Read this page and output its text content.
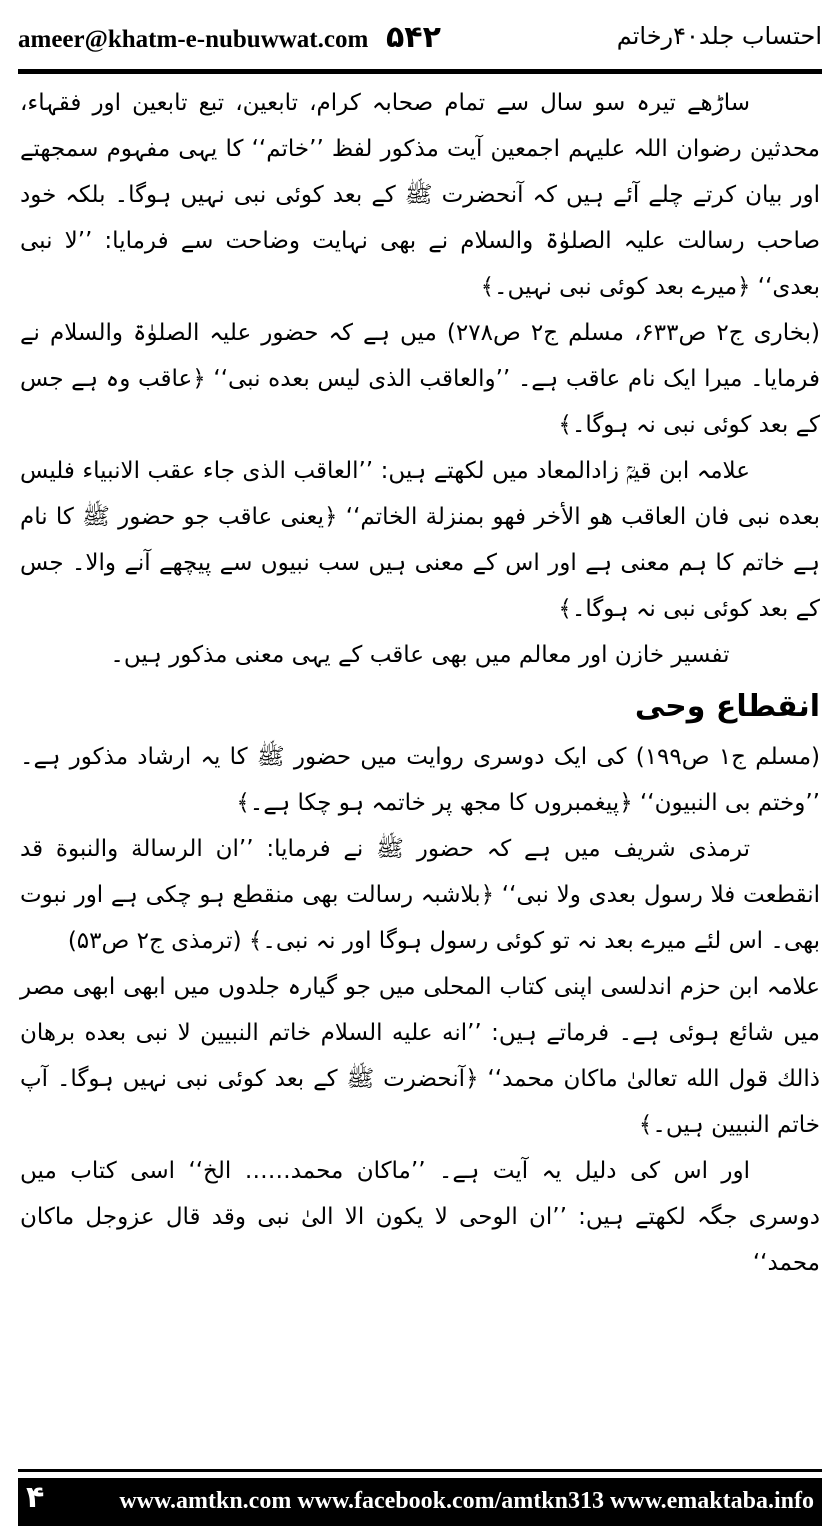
ameer@khatm-e-nubuwwat.com ۵۴۲	احتساب جلد۴۰رخاتم

ساڑھے تیرہ سو سال سے تمام صحابہ کرام، تابعین، تبع تابعین اور فقہاء، محدثین رضوان اللہ علیہم اجمعین آیت مذکور لفظ ’’خاتم‘‘ کا یہی مفہوم سمجھتے اور بیان کرتے چلے آئے ہیں کہ آنحضرت ﷺ کے بعد کوئی نبی نہیں ہوگا۔ بلکہ خود صاحب رسالت علیہ الصلوٰۃ والسلام نے بھی نہایت وضاحت سے فرمایا: ’’لا نبی بعدی‘‘ ﴿میرے بعد کوئی نبی نہیں۔﴾

(بخاری ج۲ ص۶۳۳، مسلم ج۲ ص۲۷۸) میں ہے کہ حضور علیہ الصلوٰۃ والسلام نے فرمایا۔ میرا ایک نام عاقب ہے۔ ’’والعاقب الذی لیس بعده نبی‘‘ ﴿عاقب وہ ہے جس کے بعد کوئی نبی نہ ہوگا۔﴾

علامہ ابن قیمؒ زادالمعاد میں لکھتے ہیں: ’’العاقب الذی جاء عقب الانبیاء فلیس بعده نبی فان العاقب هو الأخر فهو بمنزلة الخاتم‘‘ ﴿یعنی عاقب جو حضور ﷺ کا نام ہے خاتم کا ہم معنی ہے اور اس کے معنی ہیں سب نبیوں سے پیچھے آنے والا۔ جس کے بعد کوئی نبی نہ ہوگا۔﴾

تفسیر خازن اور معالم میں بھی عاقب کے یہی معنی مذکور ہیں۔

انقطاع وحی

(مسلم ج۱ ص۱۹۹) کی ایک دوسری روایت میں حضور ﷺ کا یہ ارشاد مذکور ہے۔ ’’وختم بی النبیون‘‘ ﴿پیغمبروں کا مجھ پر خاتمہ ہو چکا ہے۔﴾

ترمذی شریف میں ہے کہ حضور ﷺ نے فرمایا: ’’ان الرسالة والنبوة قد انقطعت فلا رسول بعدی ولا نبی‘‘ ﴿بلاشبہ رسالت بھی منقطع ہو چکی ہے اور نبوت بھی۔ اس لئے میرے بعد نہ تو کوئی رسول ہوگا اور نہ نبی۔﴾ (ترمذی ج۲ ص۵۳)

علامہ ابن حزم اندلسی اپنی کتاب المحلی میں جو گیارہ جلدوں میں ابھی ابھی مصر میں شائع ہوئی ہے۔ فرماتے ہیں: ’’انه علیه السلام خاتم النبیین لا نبی بعده برهان ذالك قول الله تعالیٰ ماکان محمد‘‘ ﴿آنحضرت ﷺ کے بعد کوئی نبی نہیں ہوگا۔ آپ خاتم النبیین ہیں۔﴾

اور اس کی دلیل یہ آیت ہے۔ ’’ماکان محمد…… الخ‘‘ اسی کتاب میں دوسری جگہ لکھتے ہیں: ’’ان الوحی لا یکون الا الیٰ نبی وقد قال عزوجل ماکان محمد‘‘

۴	www.amtkn.com www.facebook.com/amtkn313 www.emaktaba.info
